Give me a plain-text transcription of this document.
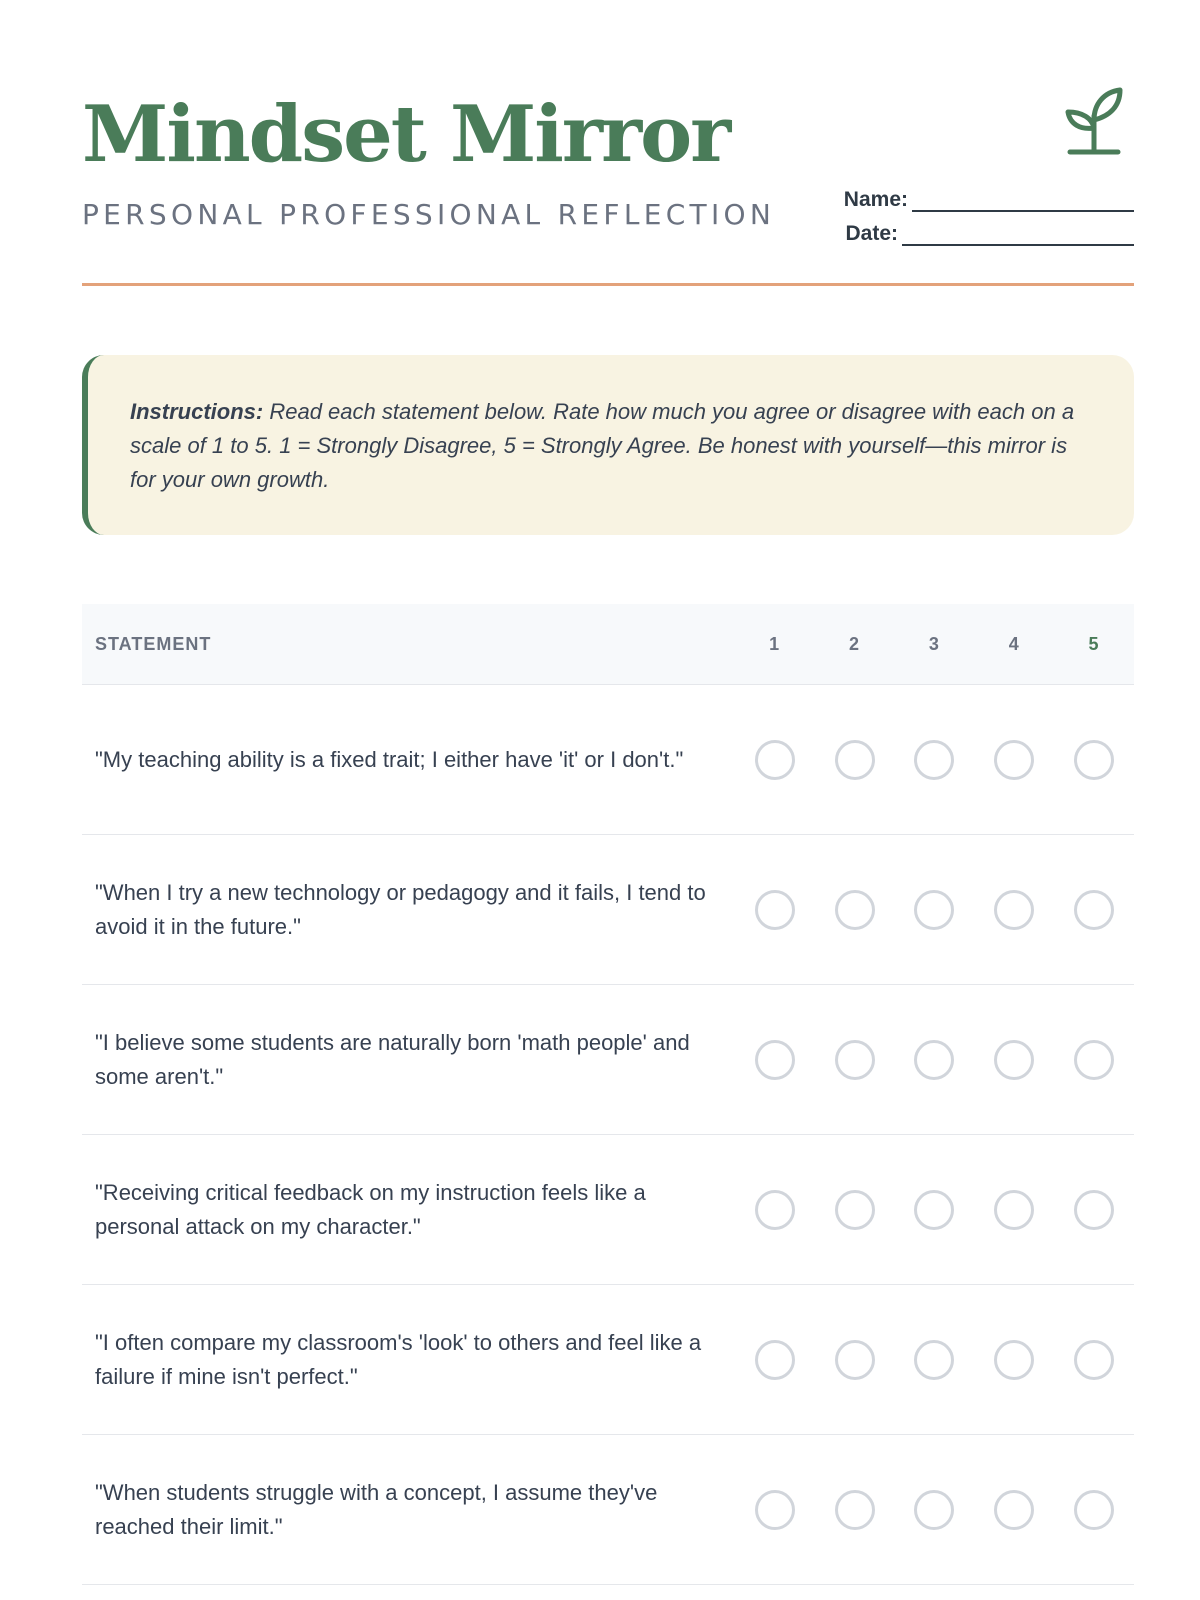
Mindset Mirror
PERSONAL PROFESSIONAL REFLECTION	Name:
Date:
Instructions: Read each statement below. Rate how much you agree or disagree with each on a scale of 1 to 5. 1 = Strongly Disagree, 5 = Strongly Agree. Be honest with yourself—this mirror is for your own growth.
STATEMENT	1	2	3	4	5
"My teaching ability is a fixed trait; I either have 'it' or I don't."
"When I try a new technology or pedagogy and it fails, I tend to avoid it in the future."
"I believe some students are naturally born 'math people' and some aren't."
"Receiving critical feedback on my instruction feels like a personal attack on my character."
"I often compare my classroom's 'look' to others and feel like a failure if mine isn't perfect."
"When students struggle with a concept, I assume they've reached their limit."
